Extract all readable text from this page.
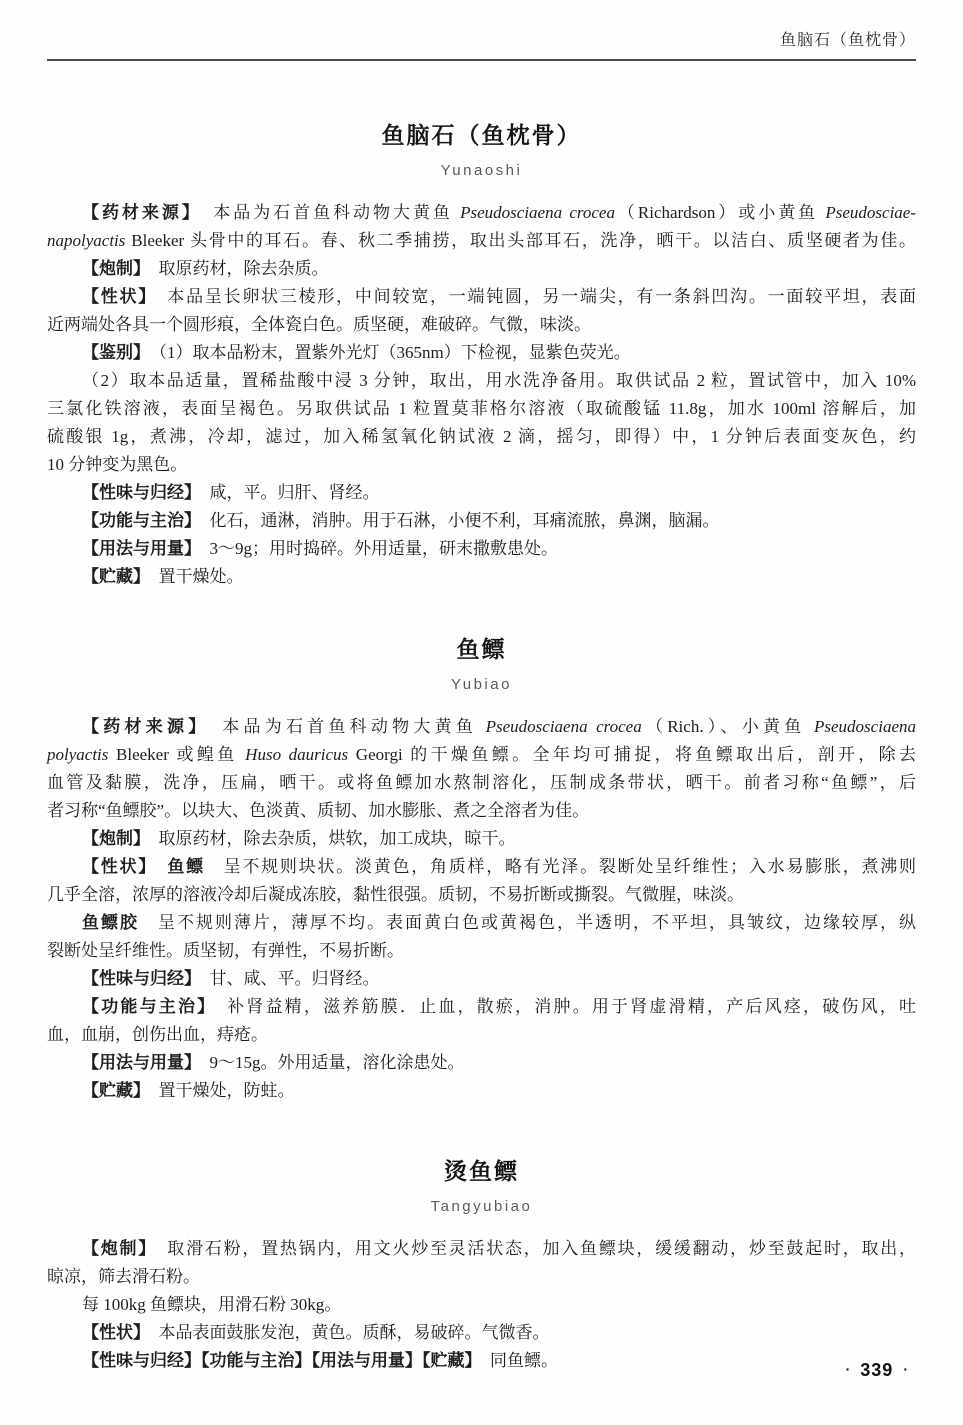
鱼脑石（鱼枕骨）
鱼脑石（鱼枕骨）
Yunaoshi
【药材来源】　本品为石首鱼科动物大黄鱼 Pseudosciaena crocea（Richardson）或小黄鱼 Pseudosciae-
napolyactis Bleeker 头骨中的耳石。春、秋二季捕捞，取出头部耳石，洗净，晒干。以洁白、质坚硬者为佳。
【炮制】　取原药材，除去杂质。
【性状】　本品呈长卵状三棱形，中间较宽，一端钝圆，另一端尖，有一条斜凹沟。一面较平坦，表面
近两端处各具一个圆形痕，全体瓷白色。质坚硬，难破碎。气微，味淡。
【鉴别】　（1）取本品粉末，置紫外光灯（365nm）下检视，显紫色荧光。
（2）取本品适量，置稀盐酸中浸 3 分钟，取出，用水洗净备用。取供试品 2 粒，置试管中，加入 10%
三氯化铁溶液，表面呈褐色。另取供试品 1 粒置莫菲格尔溶液（取硫酸锰 11.8g，加水 100ml 溶解后，加
硫酸银 1g，煮沸，冷却，滤过，加入稀氢氧化钠试液 2 滴，摇匀，即得）中，1 分钟后表面变灰色，约
10 分钟变为黑色。
【性味与归经】　咸，平。归肝、肾经。
【功能与主治】　化石，通淋，消肿。用于石淋，小便不利，耳痛流脓，鼻渊，脑漏。
【用法与用量】　3～9g；用时捣碎。外用适量，研末撒敷患处。
【贮藏】　置干燥处。
鱼鳔
Yubiao
【药材来源】　本品为石首鱼科动物大黄鱼 Pseudosciaena crocea（Rich.）、小黄鱼 Pseudosciaena
polyactis Bleeker 或鳇鱼 Huso dauricus Georgi 的干燥鱼鳔。全年均可捕捉，将鱼鳔取出后，剖开，除去
血管及黏膜，洗净，压扁，晒干。或将鱼鳔加水熬制溶化，压制成条带状，晒干。前者习称“鱼鳔”，后
者习称“鱼鳔胶”。以块大、色淡黄、质韧、加水膨胀、煮之全溶者为佳。
【炮制】　取原药材，除去杂质，烘软，加工成块，晾干。
【性状】　 鱼鳔　呈不规则块状。淡黄色，角质样，略有光泽。裂断处呈纤维性；入水易膨胀，煮沸则
几乎全溶，浓厚的溶液冷却后凝成冻胶，黏性很强。质韧，不易折断或撕裂。气微腥，味淡。
鱼鳔胶　呈不规则薄片，薄厚不均。表面黄白色或黄褐色，半透明，不平坦，具皱纹，边缘较厚，纵
裂断处呈纤维性。质坚韧，有弹性，不易折断。
【性味与归经】　甘、咸、平。归肾经。
【功能与主治】　补肾益精，滋养筋膜．止血，散瘀，消肿。用于肾虚滑精，产后风痉，破伤风，吐
血，血崩，创伤出血，痔疮。
【用法与用量】　9～15g。外用适量，溶化涂患处。
【贮藏】　置干燥处，防蛀。
烫鱼鳔
Tangyubiao
【炮制】　取滑石粉，置热锅内，用文火炒至灵活状态，加入鱼鳔块，缓缓翻动，炒至鼓起时，取出，
晾凉，筛去滑石粉。
每 100kg 鱼鳔块，用滑石粉 30kg。
【性状】　本品表面鼓胀发泡，黄色。质酥，易破碎。气微香。
【性味与归经】【功能与主治】【用法与用量】【贮藏】　同鱼鳔。	· 339 ·
